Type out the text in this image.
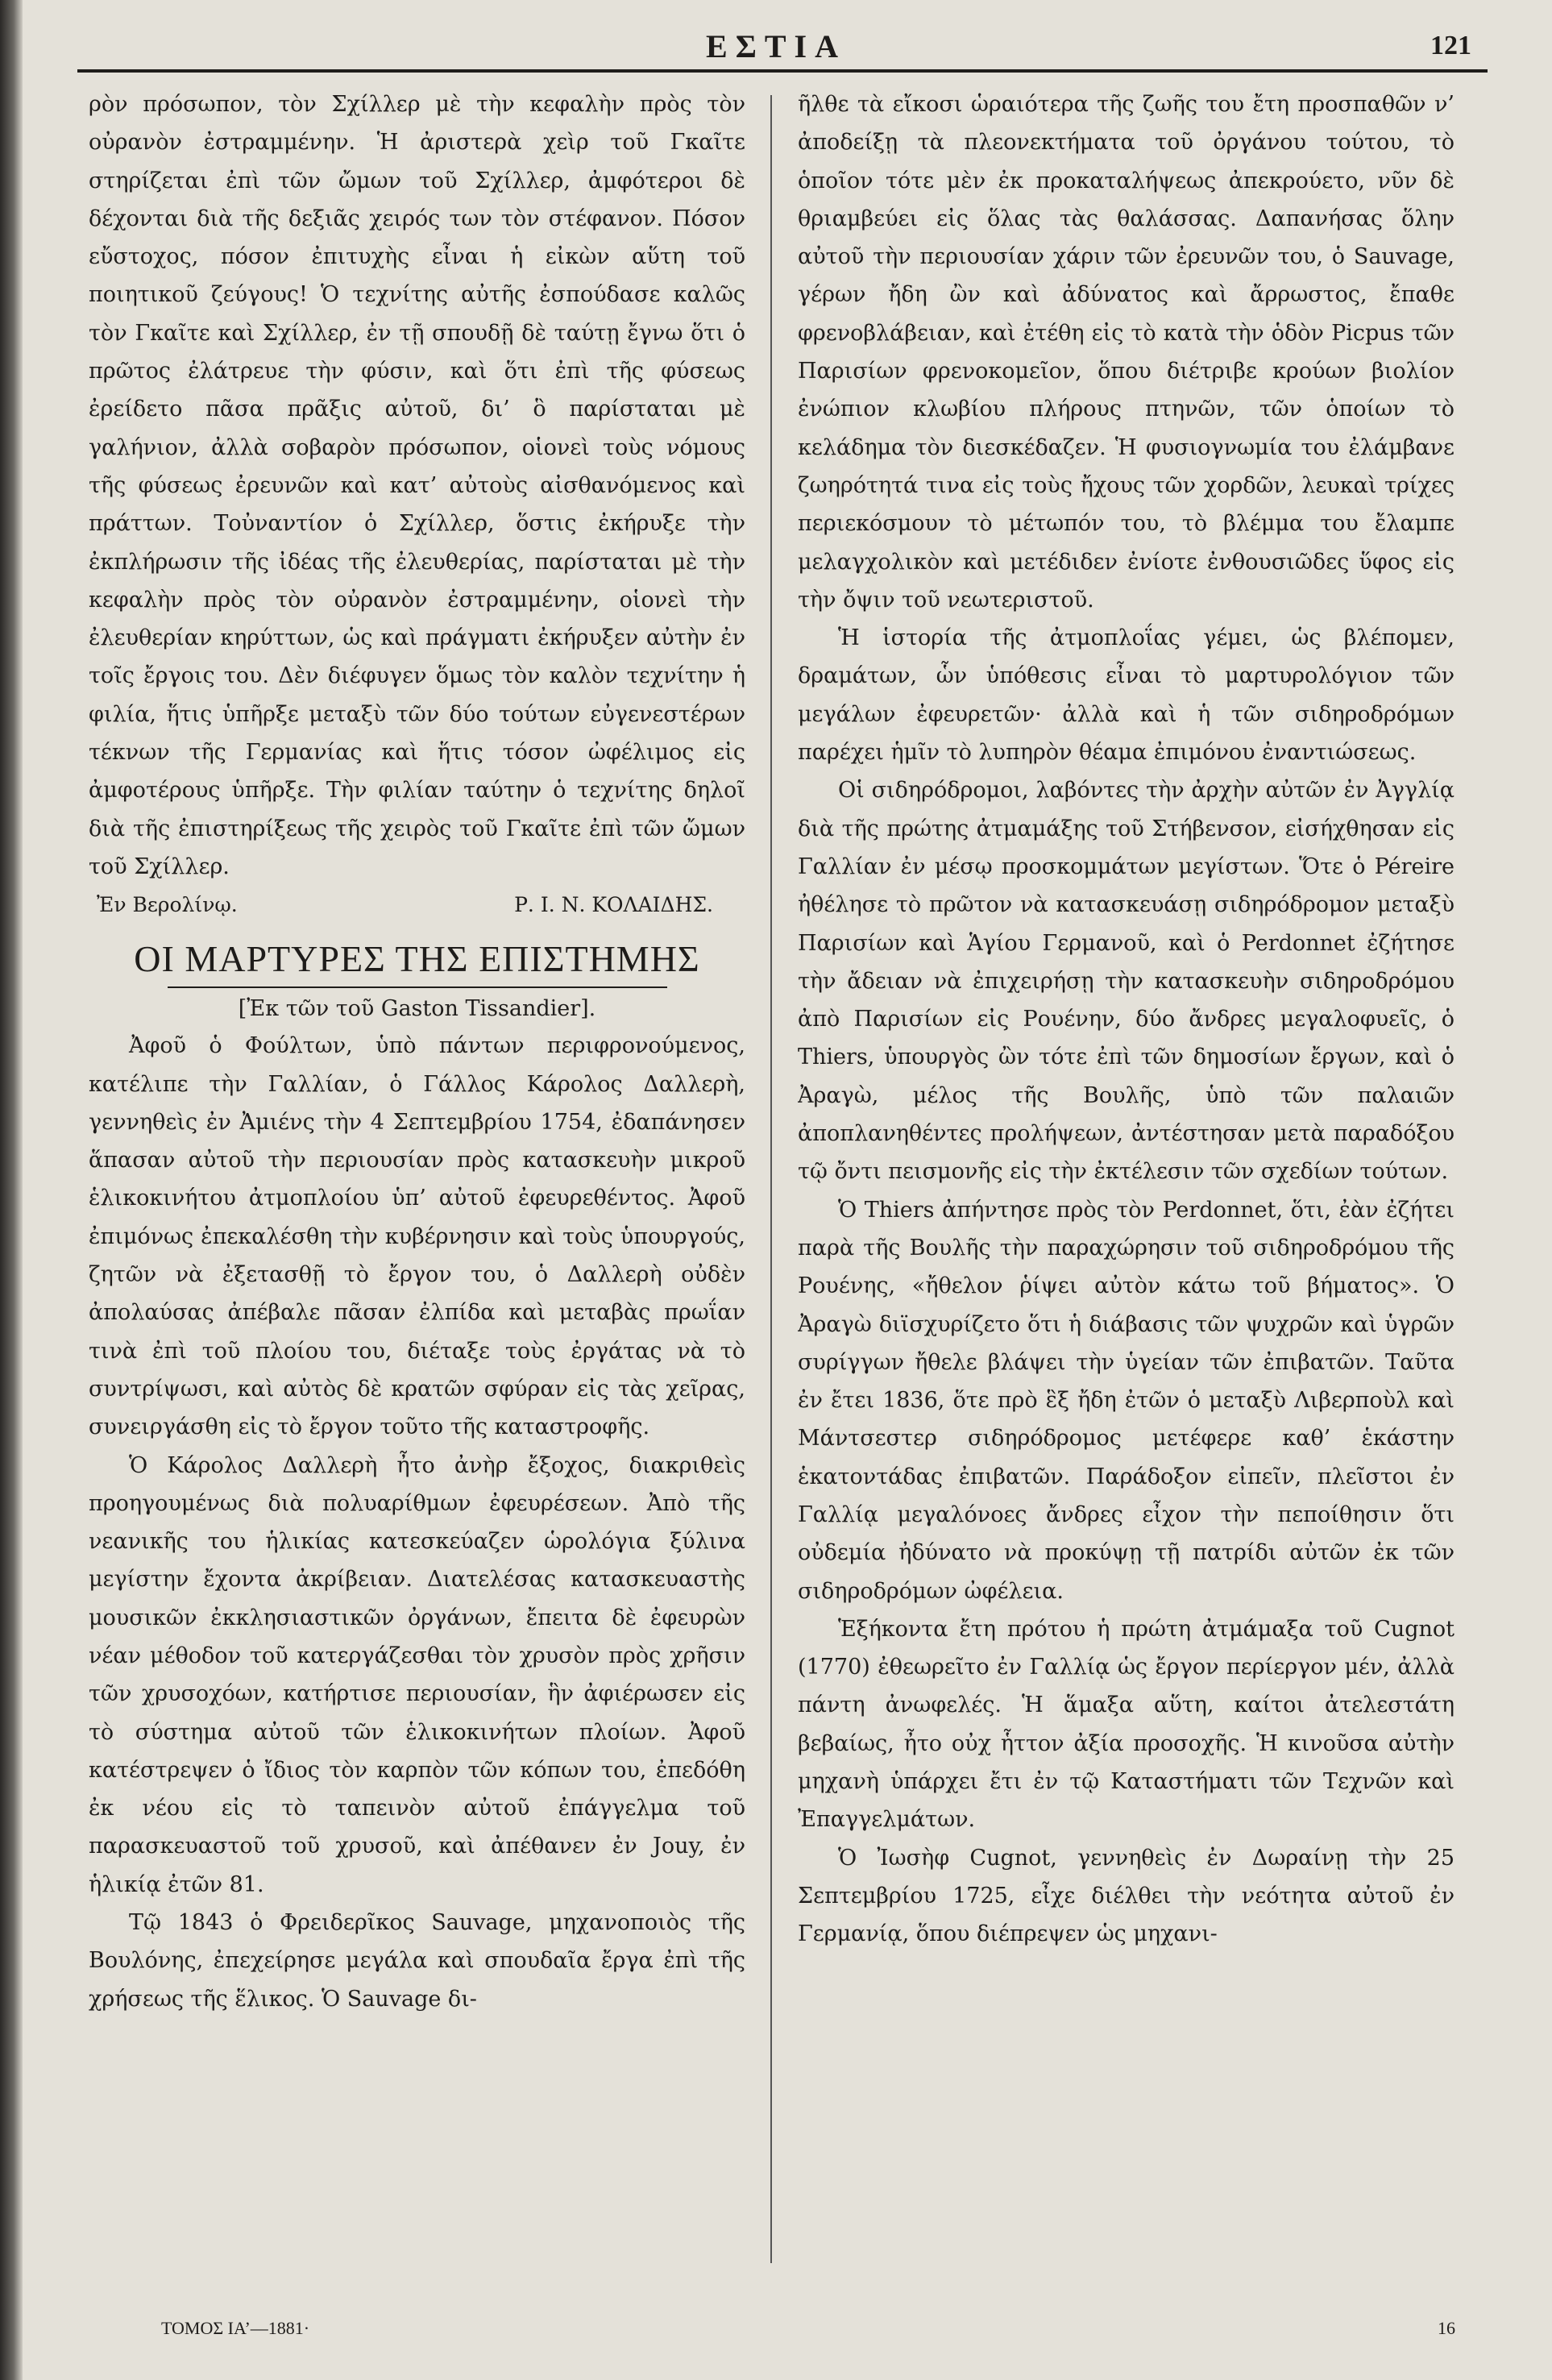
ΕΣΤΙΑ	121

ρὸν πρόσωπον, τὸν Σχίλλερ μὲ τὴν κεφαλὴν πρὸς τὸν οὐρανὸν ἐστραμμένην. Ἡ ἀριστερὰ χεὶρ τοῦ Γκαῖτε στηρίζεται ἐπὶ τῶν ὤμων τοῦ Σχίλλερ, ἀμφότεροι δὲ δέχονται διὰ τῆς δεξιᾶς χειρός των τὸν στέφανον. Πόσον εὔστοχος, πόσον ἐπιτυχὴς εἶναι ἡ εἰκὼν αὕτη τοῦ ποιητικοῦ ζεύγους! Ὁ τεχνίτης αὐτῆς ἐσπούδασε καλῶς τὸν Γκαῖτε καὶ Σχίλλερ, ἐν τῇ σπουδῇ δὲ ταύτῃ ἔγνω ὅτι ὁ πρῶτος ἐλάτρευε τὴν φύσιν, καὶ ὅτι ἐπὶ τῆς φύσεως ἐρείδετο πᾶσα πρᾶξις αὐτοῦ, δι’ ὃ παρίσταται μὲ γαλήνιον, ἀλλὰ σοβαρὸν πρόσωπον, οἱονεὶ τοὺς νόμους τῆς φύσεως ἐρευνῶν καὶ κατ’ αὐτοὺς αἰσθανόμενος καὶ πράττων. Τοὐναντίον ὁ Σχίλλερ, ὅστις ἐκήρυξε τὴν ἐκπλήρωσιν τῆς ἰδέας τῆς ἐλευθερίας, παρίσταται μὲ τὴν κεφαλὴν πρὸς τὸν οὐρανὸν ἐστραμμένην, οἱονεὶ τὴν ἐλευθερίαν κηρύττων, ὡς καὶ πράγματι ἐκήρυξεν αὐτὴν ἐν τοῖς ἔργοις του. Δὲν διέφυγεν ὅμως τὸν καλὸν τεχνίτην ἡ φιλία, ἥτις ὑπῆρξε μεταξὺ τῶν δύο τούτων εὐγενεστέρων τέκνων τῆς Γερμανίας καὶ ἥτις τόσον ὠφέλιμος εἰς ἀμφοτέρους ὑπῆρξε. Τὴν φιλίαν ταύτην ὁ τεχνίτης δηλοῖ διὰ τῆς ἐπιστηρίξεως τῆς χειρὸς τοῦ Γκαῖτε ἐπὶ τῶν ὤμων τοῦ Σχίλλερ.

Ἐν Βερολίνῳ.	Ρ. Ι. Ν. ΚΟΛΑΙΔΗΣ.
ΟΙ ΜΑΡΤΥΡΕΣ ΤΗΣ ΕΠΙΣΤΗΜΗΣ
[Ἐκ τῶν τοῦ Gaston Tissandier].

Ἀφοῦ ὁ Φούλτων, ὑπὸ πάντων περιφρονούμενος, κατέλιπε τὴν Γαλλίαν, ὁ Γάλλος Κάρολος Δαλλερὴ, γεννηθεὶς ἐν Ἀμιένς τὴν 4 Σεπτεμβρίου 1754, ἐδαπάνησεν ἅπασαν αὐτοῦ τὴν περιουσίαν πρὸς κατασκευὴν μικροῦ ἑλικοκινήτου ἀτμοπλοίου ὑπ’ αὐτοῦ ἐφευρεθέντος. Ἀφοῦ ἐπιμόνως ἐπεκαλέσθη τὴν κυβέρνησιν καὶ τοὺς ὑπουργούς, ζητῶν νὰ ἐξετασθῇ τὸ ἔργον του, ὁ Δαλλερὴ οὐδὲν ἀπολαύσας ἀπέβαλε πᾶσαν ἐλπίδα καὶ μεταβὰς πρωΐαν τινὰ ἐπὶ τοῦ πλοίου του, διέταξε τοὺς ἐργάτας νὰ τὸ συντρίψωσι, καὶ αὐτὸς δὲ κρατῶν σφύραν εἰς τὰς χεῖρας, συνειργάσθη εἰς τὸ ἔργον τοῦτο τῆς καταστροφῆς.

Ὁ Κάρολος Δαλλερὴ ἦτο ἀνὴρ ἔξοχος, διακριθεὶς προηγουμένως διὰ πολυαρίθμων ἐφευρέσεων. Ἀπὸ τῆς νεανικῆς του ἡλικίας κατεσκεύαζεν ὡρολόγια ξύλινα μεγίστην ἔχοντα ἀκρίβειαν. Διατελέσας κατασκευαστὴς μουσικῶν ἐκκλησιαστικῶν ὀργάνων, ἔπειτα δὲ ἐφευρὼν νέαν μέθοδον τοῦ κατεργάζεσθαι τὸν χρυσὸν πρὸς χρῆσιν τῶν χρυσοχόων, κατήρτισε περιουσίαν, ἣν ἀφιέρωσεν εἰς τὸ σύστημα αὐτοῦ τῶν ἑλικοκινήτων πλοίων. Ἀφοῦ κατέστρεψεν ὁ ἴδιος τὸν καρπὸν τῶν κόπων του, ἐπεδόθη ἐκ νέου εἰς τὸ ταπεινὸν αὐτοῦ ἐπάγγελμα τοῦ παρασκευαστοῦ τοῦ χρυσοῦ, καὶ ἀπέθανεν ἐν Jouy, ἐν ἡλικίᾳ ἐτῶν 81.

Τῷ 1843 ὁ Φρειδερῖκος Sauvage, μηχανοποιὸς τῆς Βουλόνης, ἐπεχείρησε μεγάλα καὶ σπουδαῖα ἔργα ἐπὶ τῆς χρήσεως τῆς ἕλικος. Ὁ Sauvage δι-

ῆλθε τὰ εἴκοσι ὡραιότερα τῆς ζωῆς του ἔτη προσπαθῶν ν’ ἀποδείξῃ τὰ πλεονεκτήματα τοῦ ὀργάνου τούτου, τὸ ὁποῖον τότε μὲν ἐκ προκαταλήψεως ἀπεκρούετο, νῦν δὲ θριαμβεύει εἰς ὅλας τὰς θαλάσσας. Δαπανήσας ὅλην αὐτοῦ τὴν περιουσίαν χάριν τῶν ἐρευνῶν του, ὁ Sauvage, γέρων ἤδη ὢν καὶ ἀδύνατος καὶ ἄρρωστος, ἔπαθε φρενοβλάβειαν, καὶ ἐτέθη εἰς τὸ κατὰ τὴν ὁδὸν Picpus τῶν Παρισίων φρενοκομεῖον, ὅπου διέτριβε κρούων βιολίον ἐνώπιον κλωβίου πλήρους πτηνῶν, τῶν ὁποίων τὸ κελάδημα τὸν διεσκέδαζεν. Ἡ φυσιογνωμία του ἐλάμβανε ζωηρότητά τινα εἰς τοὺς ἤχους τῶν χορδῶν, λευκαὶ τρίχες περιεκόσμουν τὸ μέτωπόν του, τὸ βλέμμα του ἔλαμπε μελαγχολικὸν καὶ μετέδιδεν ἐνίοτε ἐνθουσιῶδες ὕφος εἰς τὴν ὄψιν τοῦ νεωτεριστοῦ.

Ἡ ἱστορία τῆς ἀτμοπλοΐας γέμει, ὡς βλέπομεν, δραμάτων, ὧν ὑπόθεσις εἶναι τὸ μαρτυρολόγιον τῶν μεγάλων ἐφευρετῶν· ἀλλὰ καὶ ἡ τῶν σιδηροδρόμων παρέχει ἡμῖν τὸ λυπηρὸν θέαμα ἐπιμόνου ἐναντιώσεως.

Οἱ σιδηρόδρομοι, λαβόντες τὴν ἀρχὴν αὐτῶν ἐν Ἀγγλίᾳ διὰ τῆς πρώτης ἀτμαμάξης τοῦ Στήβενσον, εἰσήχθησαν εἰς Γαλλίαν ἐν μέσῳ προσκομμάτων μεγίστων. Ὅτε ὁ Péreire ἠθέλησε τὸ πρῶτον νὰ κατασκευάσῃ σιδηρόδρομον μεταξὺ Παρισίων καὶ Ἁγίου Γερμανοῦ, καὶ ὁ Perdonnet ἐζήτησε τὴν ἄδειαν νὰ ἐπιχειρήσῃ τὴν κατασκευὴν σιδηροδρόμου ἀπὸ Παρισίων εἰς Ρουένην, δύο ἄνδρες μεγαλοφυεῖς, ὁ Thiers, ὑπουργὸς ὢν τότε ἐπὶ τῶν δημοσίων ἔργων, καὶ ὁ Ἀραγὼ, μέλος τῆς Βουλῆς, ὑπὸ τῶν παλαιῶν ἀποπλανηθέντες προλήψεων, ἀντέστησαν μετὰ παραδόξου τῷ ὄντι πεισμονῆς εἰς τὴν ἐκτέλεσιν τῶν σχεδίων τούτων.

Ὁ Thiers ἀπήντησε πρὸς τὸν Perdonnet, ὅτι, ἐὰν ἐζήτει παρὰ τῆς Βουλῆς τὴν παραχώρησιν τοῦ σιδηροδρόμου τῆς Ρουένης, «ἤθελον ῥίψει αὐτὸν κάτω τοῦ βήματος». Ὁ Ἀραγὼ διϊσχυρίζετο ὅτι ἡ διάβασις τῶν ψυχρῶν καὶ ὑγρῶν συρίγγων ἤθελε βλάψει τὴν ὑγείαν τῶν ἐπιβατῶν. Ταῦτα ἐν ἔτει 1836, ὅτε πρὸ ἓξ ἤδη ἐτῶν ὁ μεταξὺ Λιβερποὺλ καὶ Μάντσεστερ σιδηρόδρομος μετέφερε καθ’ ἑκάστην ἑκατοντάδας ἐπιβατῶν. Παράδοξον εἰπεῖν, πλεῖστοι ἐν Γαλλίᾳ μεγαλόνοες ἄνδρες εἶχον τὴν πεποίθησιν ὅτι οὐδεμία ἠδύνατο νὰ προκύψῃ τῇ πατρίδι αὐτῶν ἐκ τῶν σιδηροδρόμων ὠφέλεια.

Ἑξήκοντα ἔτη πρότου ἡ πρώτη ἀτμάμαξα τοῦ Cugnot (1770) ἐθεωρεῖτο ἐν Γαλλίᾳ ὡς ἔργον περίεργον μέν, ἀλλὰ πάντη ἀνωφελές. Ἡ ἅμαξα αὕτη, καίτοι ἀτελεστάτη βεβαίως, ἦτο οὐχ ἧττον ἀξία προσοχῆς. Ἡ κινοῦσα αὐτὴν μηχανὴ ὑπάρχει ἔτι ἐν τῷ Καταστήματι τῶν Τεχνῶν καὶ Ἐπαγγελμάτων.

Ὁ Ἰωσὴφ Cugnot, γεννηθεὶς ἐν Δωραίνῃ τὴν 25 Σεπτεμβρίου 1725, εἶχε διέλθει τὴν νεότητα αὐτοῦ ἐν Γερμανίᾳ, ὅπου διέπρεψεν ὡς μηχανι-

ΤΟΜΟΣ ΙΑ’—1881·	16
